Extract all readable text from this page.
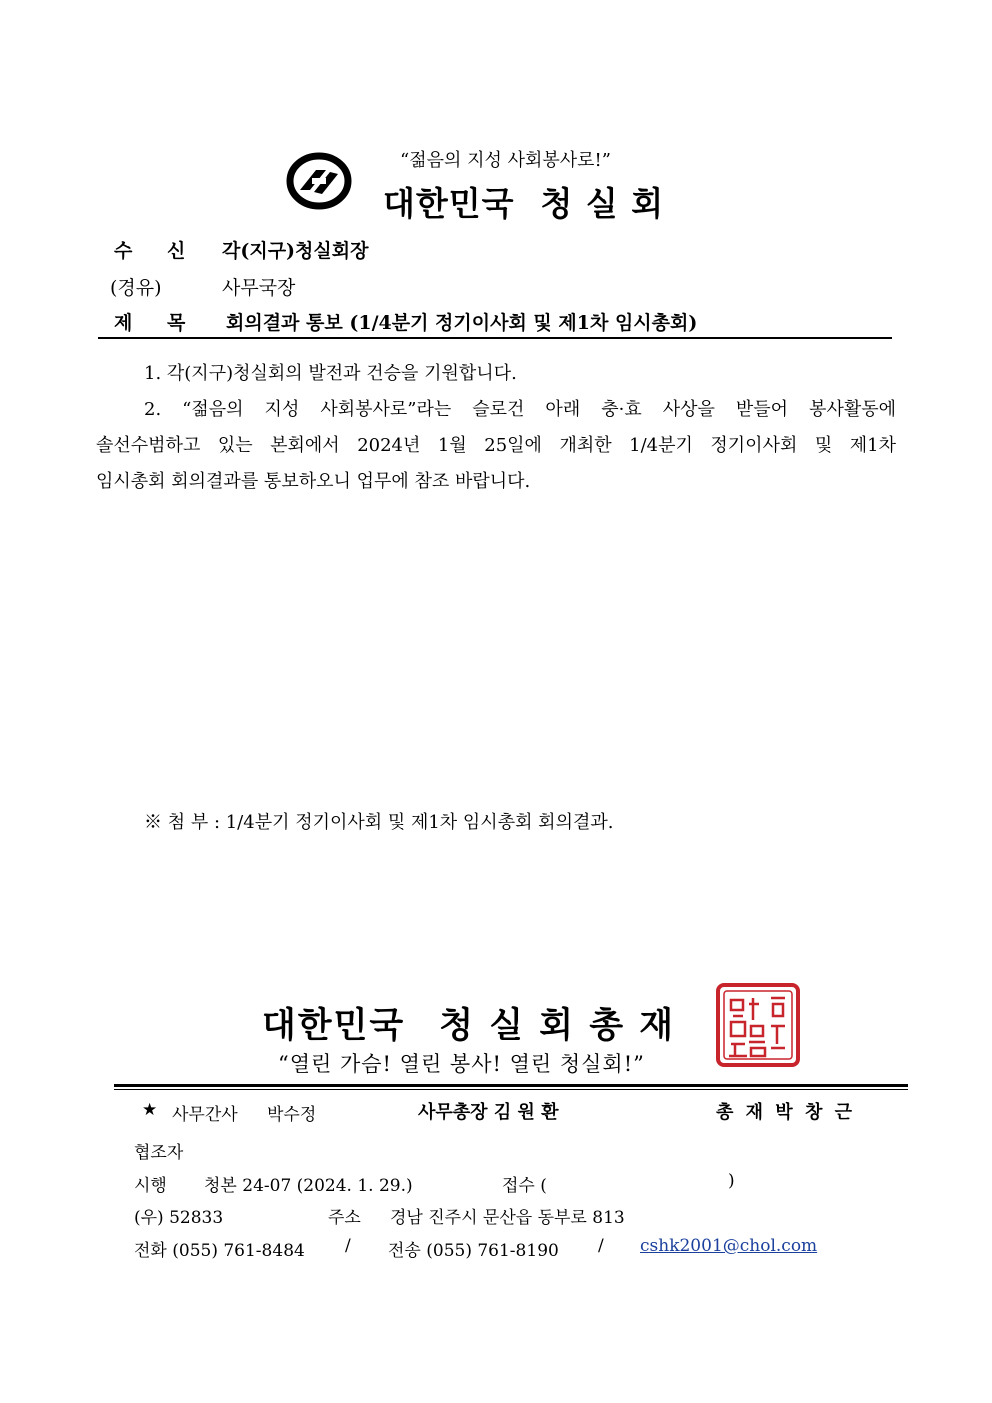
“젊음의 지성 사회봉사로!”
대한민국 청 실 회
수 신 각(지구)청실회장
(경유)	사무국장
제 목 회의결과 통보 (1/4분기 정기이사회 및 제1차 임시총회)
1. 각(지구)청실회의 발전과 건승을 기원합니다.
2. “젊음의 지성 사회봉사로”라는 슬로건 아래 충·효 사상을 받들어 봉사활동에
솔선수범하고 있는 본회에서 2024년 1월 25일에 개최한 1/4분기 정기이사회 및 제1차
임시총회 회의결과를 통보하오니 업무에 참조 바랍니다.
※ 첨 부 : 1/4분기 정기이사회 및 제1차 임시총회 회의결과.
대한민국 청 실 회 총 재
“열린 가슴! 열린 봉사! 열린 청실회!”
★ 사무간사 박수정	사무총장 김 원 환	총 재 박 창 근
협조자
시행 청본 24-07 (2024. 1. 29.)	접수 (	)
(우) 52833	주소 경남 진주시 문산읍 동부로 813
전화 (055) 761-8484 / 전송 (055) 761-8190 / cshk2001@chol.com
